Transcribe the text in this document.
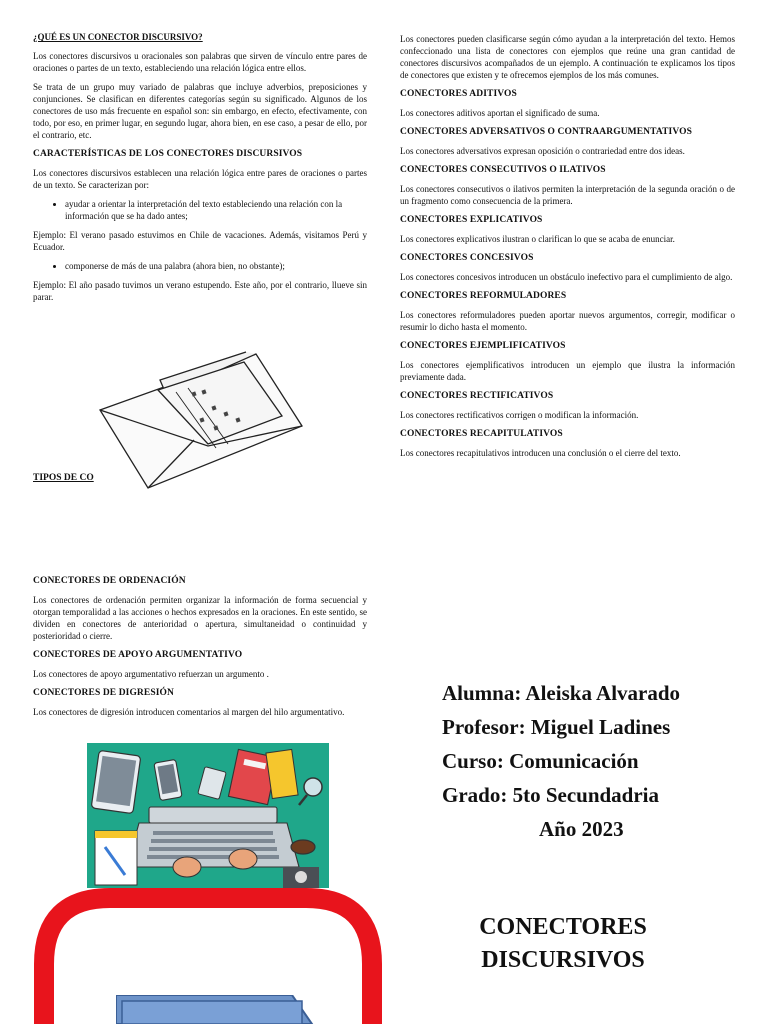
¿QUÉ ES UN CONECTOR DISCURSIVO?

Los conectores discursivos u oracionales son palabras que sirven de vínculo entre pares de oraciones o partes de un texto, estableciendo una relación lógica entre ellos.

Se trata de un grupo muy variado de palabras que incluye adverbios, preposiciones y conjunciones. Se clasifican en diferentes categorías según su significado. Algunos de los conectores de uso más frecuente en español son: sin embargo, en efecto, efectivamente, con todo, por eso, en primer lugar, en segundo lugar, ahora bien, en ese caso, a pesar de ello, por el contrario, etc.

CARACTERÍSTICAS DE LOS CONECTORES DISCURSIVOS

Los conectores discursivos establecen una relación lógica entre pares de oraciones o partes de un texto. Se caracterizan por:

• ayudar a orientar la interpretación del texto estableciendo una relación con la información que se ha dado antes;

Ejemplo: El verano pasado estuvimos en Chile de vacaciones. Además, visitamos Perú y Ecuador.

• componerse de más de una palabra (ahora bien, no obstante);

Ejemplo: El año pasado tuvimos un verano estupendo. Este año, por el contrario, llueve sin parar.

TIPOS DE CO

Los conectores pueden clasificarse según cómo ayudan a la interpretación del texto. Hemos confeccionado una lista de conectores con ejemplos que reúne una gran cantidad de conectores discursivos acompañados de un ejemplo. A continuación te explicamos los tipos de conectores que existen y te ofrecemos ejemplos de los más comunes.

CONECTORES ADITIVOS

Los conectores aditivos aportan el significado de suma.

CONECTORES ADVERSATIVOS O CONTRAARGUMENTATIVOS

Los conectores adversativos expresan oposición o contrariedad entre dos ideas.

CONECTORES CONSECUTIVOS O ILATIVOS

Los conectores consecutivos o ilativos permiten la interpretación de la segunda oración o de un fragmento como consecuencia de la primera.

CONECTORES EXPLICATIVOS

Los conectores explicativos ilustran o clarifican lo que se acaba de enunciar.

CONECTORES CONCESIVOS

Los conectores concesivos introducen un obstáculo inefectivo para el cumplimiento de algo.

CONECTORES REFORMULADORES

Los conectores reformuladores pueden aportar nuevos argumentos, corregir, modificar o resumir lo dicho hasta el momento.

CONECTORES EJEMPLIFICATIVOS

Los conectores ejemplificativos introducen un ejemplo que ilustra la información previamente dada.

CONECTORES RECTIFICATIVOS

Los conectores rectificativos corrigen o modifican la información.

CONECTORES RECAPITULATIVOS

Los conectores recapitulativos introducen una conclusión o el cierre del texto.

CONECTORES DE ORDENACIÓN

Los conectores de ordenación permiten organizar la información de forma secuencial y otorgan temporalidad a las acciones o hechos expresados en la oraciones. En este sentido, se dividen en conectores de anterioridad o apertura, simultaneidad o continuidad y posterioridad o cierre.

CONECTORES DE APOYO ARGUMENTATIVO

Los conectores de apoyo argumentativo refuerzan un argumento .

CONECTORES DE DIGRESIÓN

Los conectores de digresión introducen comentarios al margen del hilo argumentativo.

Alumna: Aleiska Alvarado
Profesor: Miguel Ladines
Curso: Comunicación
Grado: 5to Secundadria
Año 2023
CONECTORES
DISCURSIVOS
